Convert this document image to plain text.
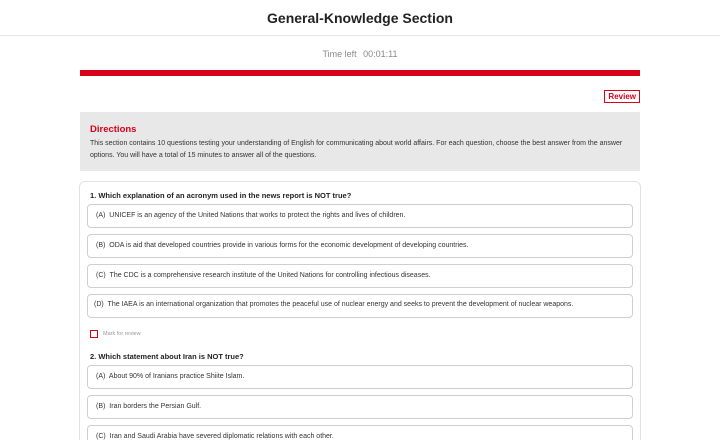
General-Knowledge Section
Time left 00:01:11
Review
Directions
This section contains 10 questions testing your understanding of English for communicating about world affairs. For each question, choose the best answer from the answer options. You will have a total of 15 minutes to answer all of the questions.
1. Which explanation of an acronym used in the news report is NOT true?
(A) UNICEF is an agency of the United Nations that works to protect the rights and lives of children.
(B) ODA is aid that developed countries provide in various forms for the economic development of developing countries.
(C) The CDC is a comprehensive research institute of the United Nations for controlling infectious diseases.
(D) The IAEA is an international organization that promotes the peaceful use of nuclear energy and seeks to prevent the development of nuclear weapons.
Mark for review
2. Which statement about Iran is NOT true?
(A) About 90% of Iranians practice Shiite Islam.
(B) Iran borders the Persian Gulf.
(C) Iran and Saudi Arabia have severed diplomatic relations with each other.
